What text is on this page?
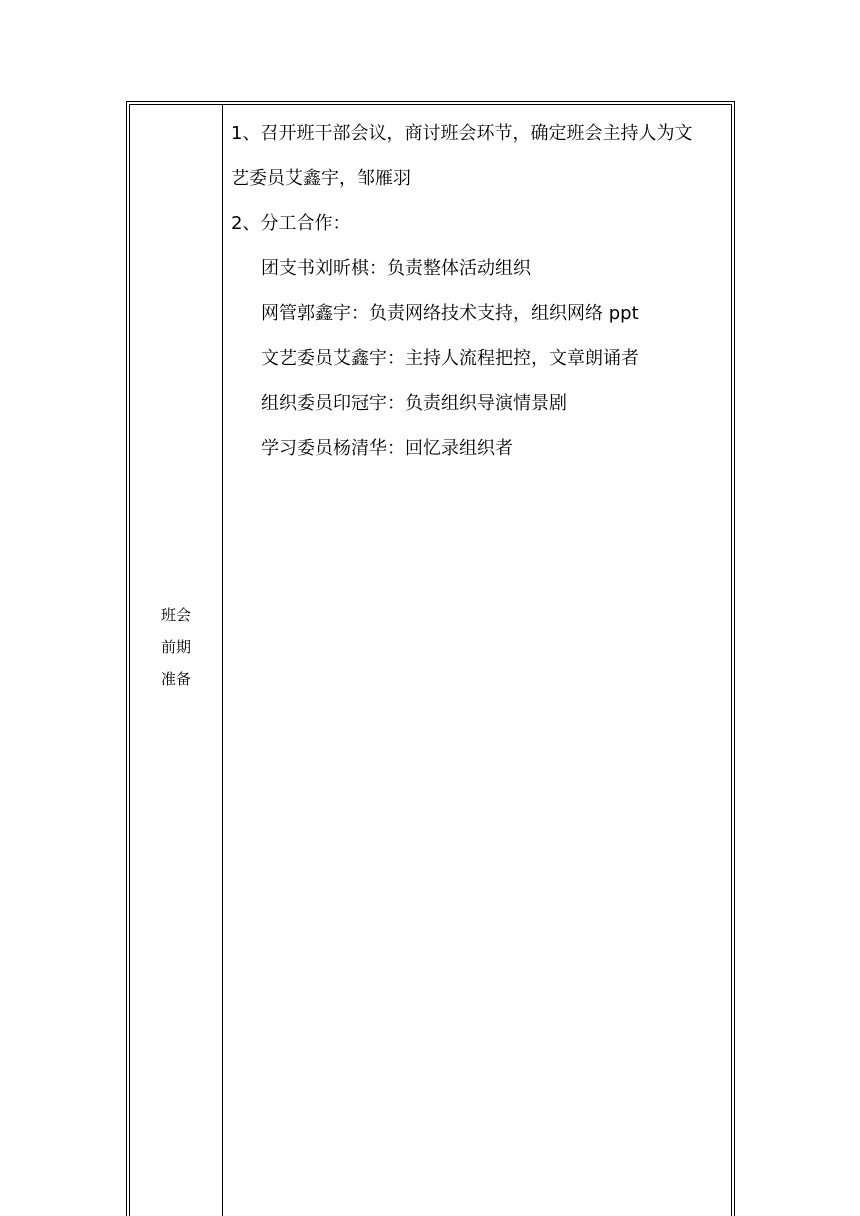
班会
前期
准备
1、召开班干部会议，商讨班会环节，确定班会主持人为文
艺委员艾鑫宇，邹雁羽
2、分工合作：
团支书刘昕棋：负责整体活动组织
网管郭鑫宇：负责网络技术支持，组织网络 ppt
文艺委员艾鑫宇：主持人流程把控，文章朗诵者
组织委员印冠宇：负责组织导演情景剧
学习委员杨清华：回忆录组织者
